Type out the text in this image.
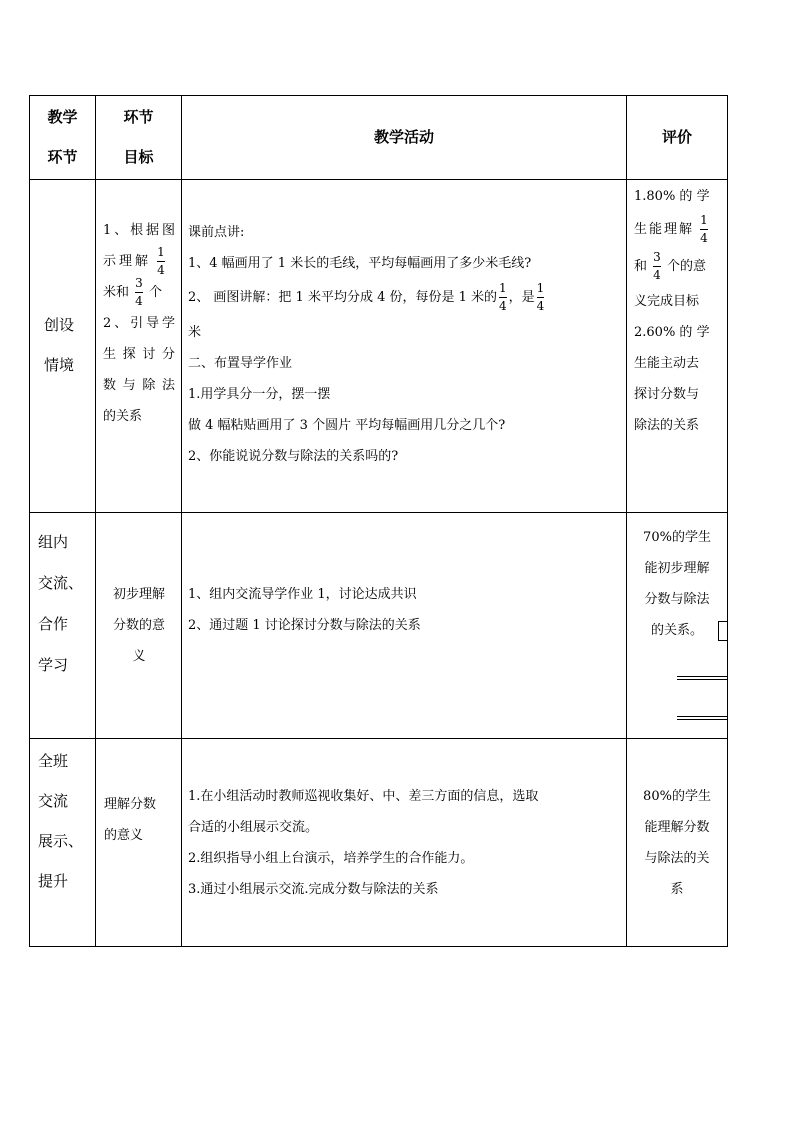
教学
环节
环节
目标
教学活动	评价
创设
情境
1、根据图
示理解 $\frac{1}{4}$
米和 $\frac{3}{4}$ 个
2、引导学
生探讨分
数与除法
的关系
课前点讲:
1、4 幅画用了 1 米长的毛线，平均每幅画用了多少米毛线?
2、 画图讲解：把 1 米平均分成 4 份，每份是 1 米的 $\frac{1}{4}$ ，是 $\frac{1}{4}$
米
二、布置导学作业
1.用学具分一分，摆一摆
做 4 幅粘贴画用了 3 个圆片 平均每幅画用几分之几个?
2、你能说说分数与除法的关系吗的?
1.80% 的 学
生能理解 $\frac{1}{4}$
和 $\frac{3}{4}$ 个的意
义完成目标
2.60% 的 学
生能主动去
探讨分数与
除法的关系
组内
交流、
合作
学习
初步理解
分数的意
义
1、组内交流导学作业 1，讨论达成共识
2、通过题 1 讨论探讨分数与除法的关系
70%的学生
能初步理解
分数与除法
的关系。
全班
交流
展示、
提升
理解分数
的意义
1.在小组活动时教师巡视收集好、中、差三方面的信息，选取
合适的小组展示交流。
2.组织指导小组上台演示，培养学生的合作能力。
3.通过小组展示交流.完成分数与除法的关系
80%的学生
能理解分数
与除法的关
系
